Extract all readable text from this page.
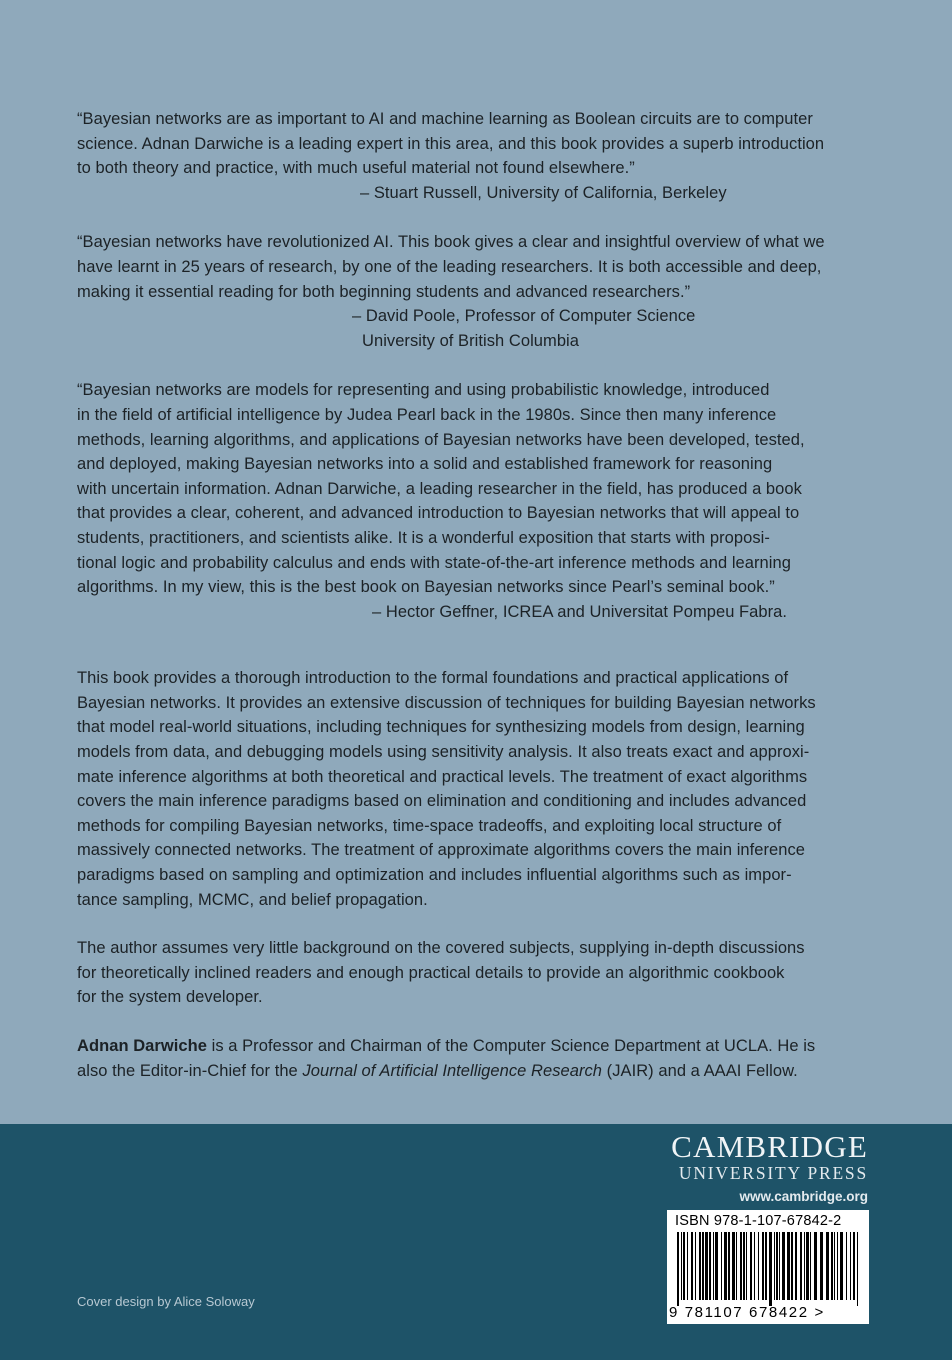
“Bayesian networks are as important to AI and machine learning as Boolean circuits are to computer

science. Adnan Darwiche is a leading expert in this area, and this book provides a superb introduction

to both theory and practice, with much useful material not found elsewhere.”

– Stuart Russell, University of California, Berkeley

“Bayesian networks have revolutionized AI. This book gives a clear and insightful overview of what we

have learnt in 25 years of research, by one of the leading researchers. It is both accessible and deep,

making it essential reading for both beginning students and advanced researchers.”

– David Poole, Professor of Computer Science

University of British Columbia

“Bayesian networks are models for representing and using probabilistic knowledge, introduced

in the field of artificial intelligence by Judea Pearl back in the 1980s. Since then many inference

methods, learning algorithms, and applications of Bayesian networks have been developed, tested,

and deployed, making Bayesian networks into a solid and established framework for reasoning

with uncertain information. Adnan Darwiche, a leading researcher in the field, has produced a book

that provides a clear, coherent, and advanced introduction to Bayesian networks that will appeal to

students, practitioners, and scientists alike. It is a wonderful exposition that starts with proposi-

tional logic and probability calculus and ends with state-of-the-art inference methods and learning

algorithms. In my view, this is the best book on Bayesian networks since Pearl’s seminal book.”

– Hector Geffner, ICREA and Universitat Pompeu Fabra.

This book provides a thorough introduction to the formal foundations and practical applications of

Bayesian networks. It provides an extensive discussion of techniques for building Bayesian networks

that model real-world situations, including techniques for synthesizing models from design, learning

models from data, and debugging models using sensitivity analysis. It also treats exact and approxi-

mate inference algorithms at both theoretical and practical levels. The treatment of exact algorithms

covers the main inference paradigms based on elimination and conditioning and includes advanced

methods for compiling Bayesian networks, time-space tradeoffs, and exploiting local structure of

massively connected networks. The treatment of approximate algorithms covers the main inference

paradigms based on sampling and optimization and includes influential algorithms such as impor-

tance sampling, MCMC, and belief propagation.

The author assumes very little background on the covered subjects, supplying in-depth discussions

for theoretically inclined readers and enough practical details to provide an algorithmic cookbook

for the system developer.

Adnan Darwiche is a Professor and Chairman of the Computer Science Department at UCLA. He is
also the Editor-in-Chief for the Journal of Artificial Intelligence Research (JAIR) and a AAAI Fellow.

CAMBRIDGE
UNIVERSITY PRESS
www.cambridge.org
ISBN 978-1-107-67842-2
9 781107 678422 >
Cover design by Alice Soloway
